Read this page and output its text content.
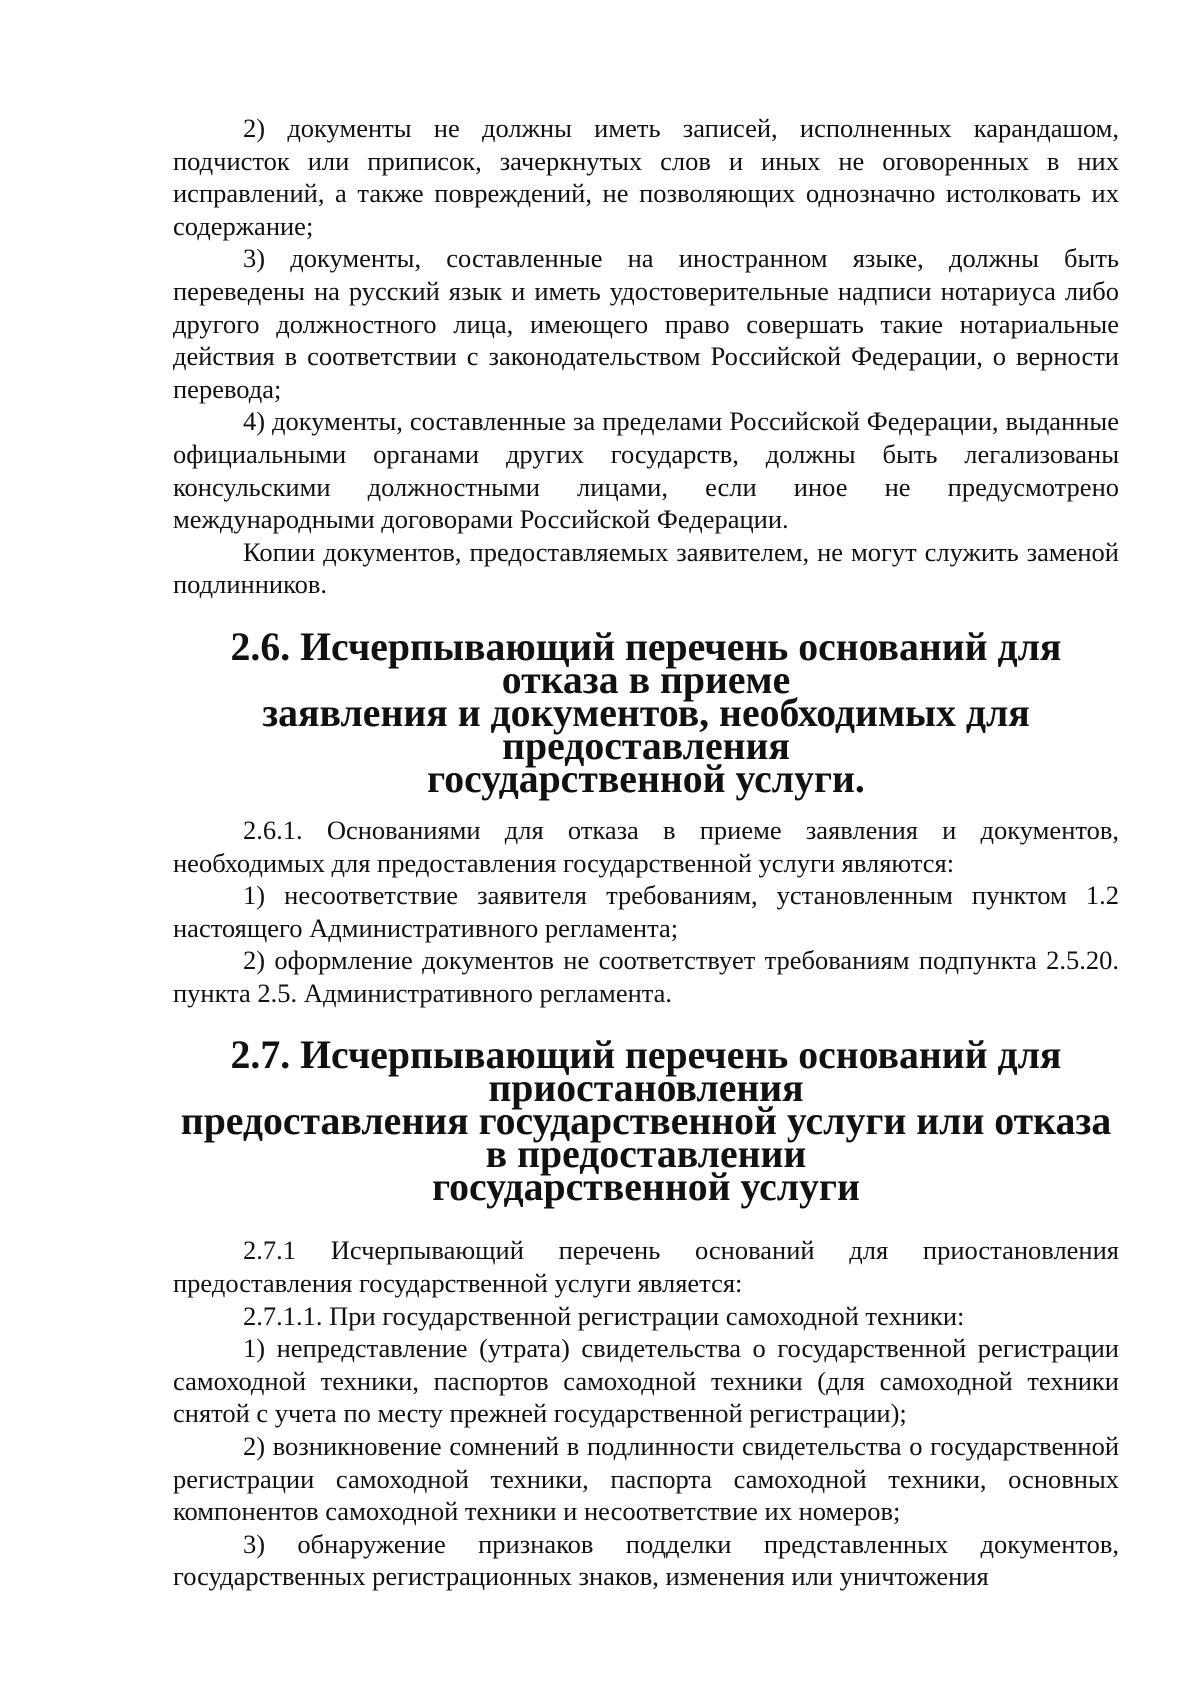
2) документы не должны иметь записей, исполненных карандашом, подчисток или приписок, зачеркнутых слов и иных не оговоренных в них исправлений, а также повреждений, не позволяющих однозначно истолковать их содержание;

3) документы, составленные на иностранном языке, должны быть переведены на русский язык и иметь удостоверительные надписи нотариуса либо другого должностного лица, имеющего право совершать такие нотариальные действия в соответствии с законодательством Российской Федерации, о верности перевода;

4) документы, составленные за пределами Российской Федерации, выданные официальными органами других государств, должны быть легализованы консульскими должностными лицами, если иное не предусмотрено международными договорами Российской Федерации.

Копии документов, предоставляемых заявителем, не могут служить заменой подлинников.

2.6. Исчерпывающий перечень оснований для отказа в приеме
заявления и документов, необходимых для предоставления
государственной услуги.

2.6.1. Основаниями для отказа в приеме заявления и документов, необходимых для предоставления государственной услуги являются:

1) несоответствие заявителя требованиям, установленным пунктом 1.2 настоящего Административного регламента;

2) оформление документов не соответствует требованиям подпункта 2.5.20. пункта 2.5. Административного регламента.

2.7. Исчерпывающий перечень оснований для приостановления
предоставления государственной услуги или отказа в предоставлении
государственной услуги

2.7.1 Исчерпывающий перечень оснований для приостановления предоставления государственной услуги является:

2.7.1.1. При государственной регистрации самоходной техники:

1) непредставление (утрата) свидетельства о государственной регистрации самоходной техники, паспортов самоходной техники (для самоходной техники снятой с учета по месту прежней государственной регистрации);

2) возникновение сомнений в подлинности свидетельства о государственной регистрации самоходной техники, паспорта самоходной техники, основных компонентов самоходной техники и несоответствие их номеров;

3) обнаружение признаков подделки представленных документов, государственных регистрационных знаков, изменения или уничтожения
